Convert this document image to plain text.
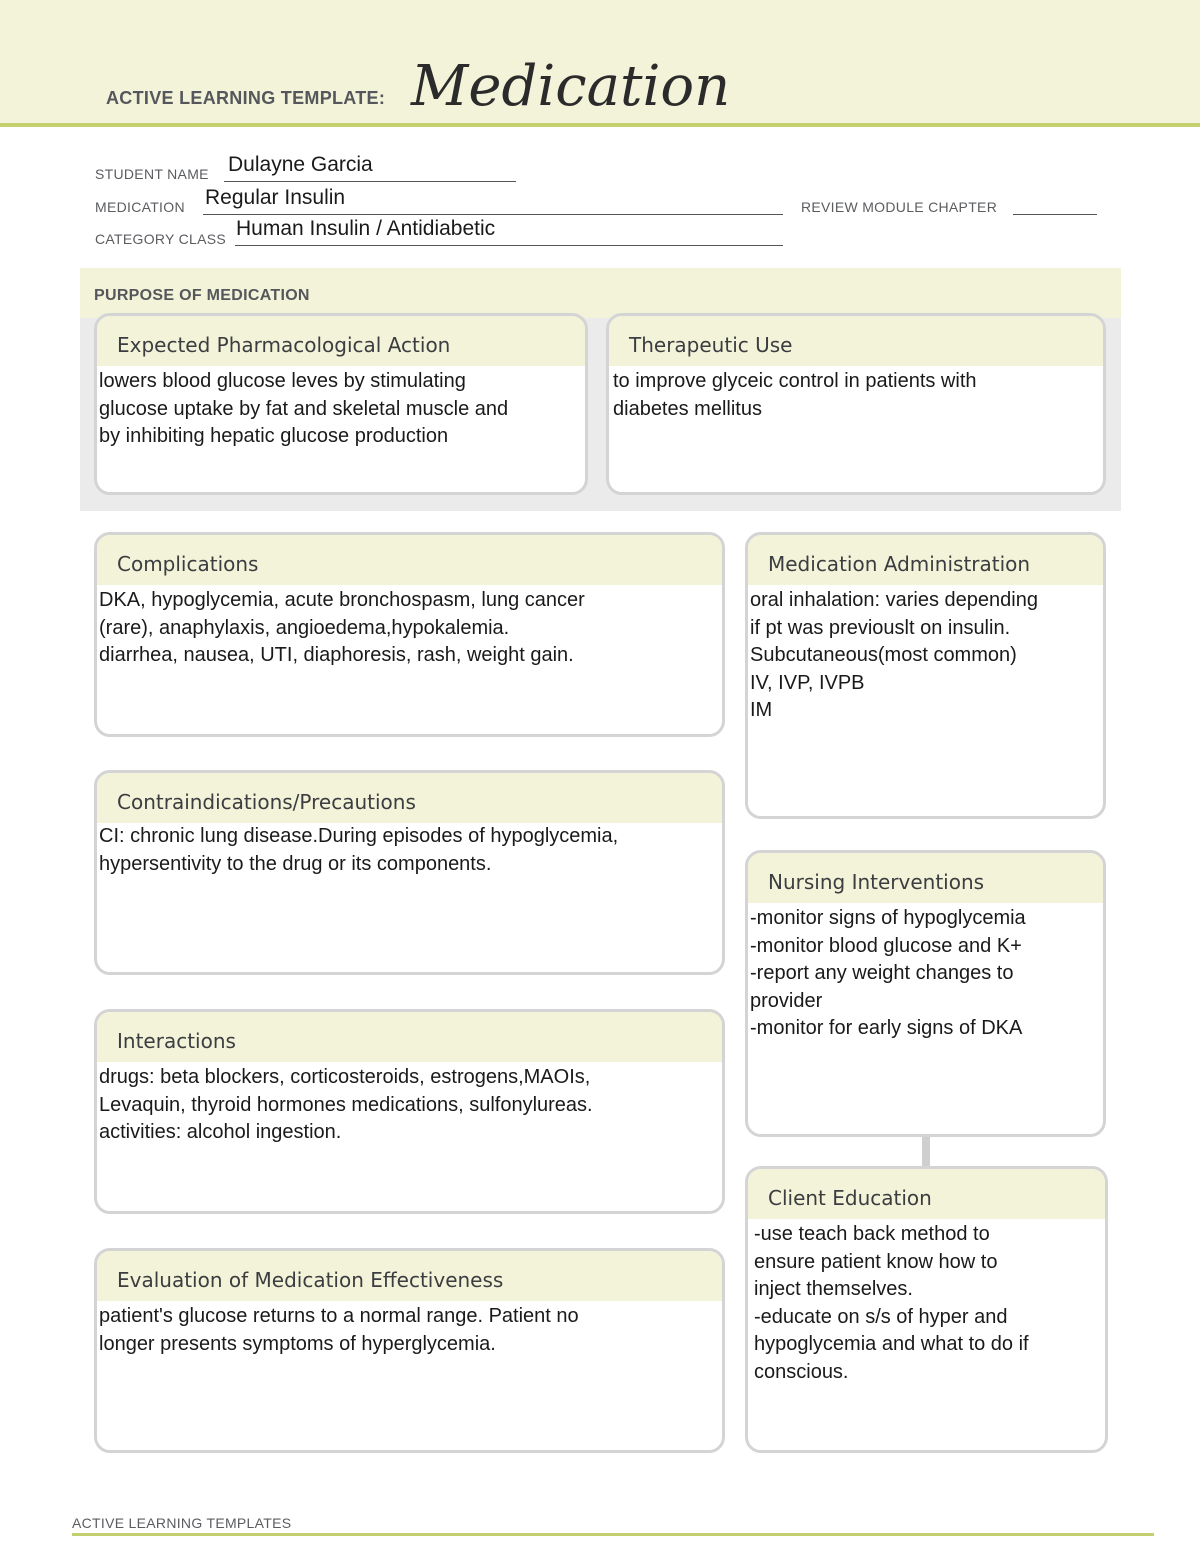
ACTIVE LEARNING TEMPLATE: Medication
STUDENT NAME Dulayne Garcia
MEDICATION Regular Insulin	REVIEW MODULE CHAPTER
CATEGORY CLASS Human Insulin / Antidiabetic
PURPOSE OF MEDICATION
Expected Pharmacological Action
lowers blood glucose leves by stimulating
glucose uptake by fat and skeletal muscle and
by inhibiting hepatic glucose production
Therapeutic Use
to improve glyceic control in patients with
diabetes mellitus
Complications
DKA, hypoglycemia, acute bronchospasm, lung cancer
(rare), anaphylaxis, angioedema,hypokalemia.
diarrhea, nausea, UTI, diaphoresis, rash, weight gain.
Contraindications/Precautions
CI: chronic lung disease.During episodes of hypoglycemia,
hypersentivity to the drug or its components.
Interactions
drugs: beta blockers, corticosteroids, estrogens,MAOIs,
Levaquin, thyroid hormones medications, sulfonylureas.
activities: alcohol ingestion.
Evaluation of Medication Effectiveness
patient's glucose returns to a normal range. Patient no
longer presents symptoms of hyperglycemia.
Medication Administration
oral inhalation: varies depending
if pt was previouslt on insulin.
Subcutaneous(most common)
IV, IVP, IVPB
IM
Nursing Interventions
-monitor signs of hypoglycemia
-monitor blood glucose and K+
-report any weight changes to
provider
-monitor for early signs of DKA
Client Education
-use teach back method to
ensure patient know how to
inject themselves.
-educate on s/s of hyper and
hypoglycemia and what to do if
conscious.
ACTIVE LEARNING TEMPLATES
